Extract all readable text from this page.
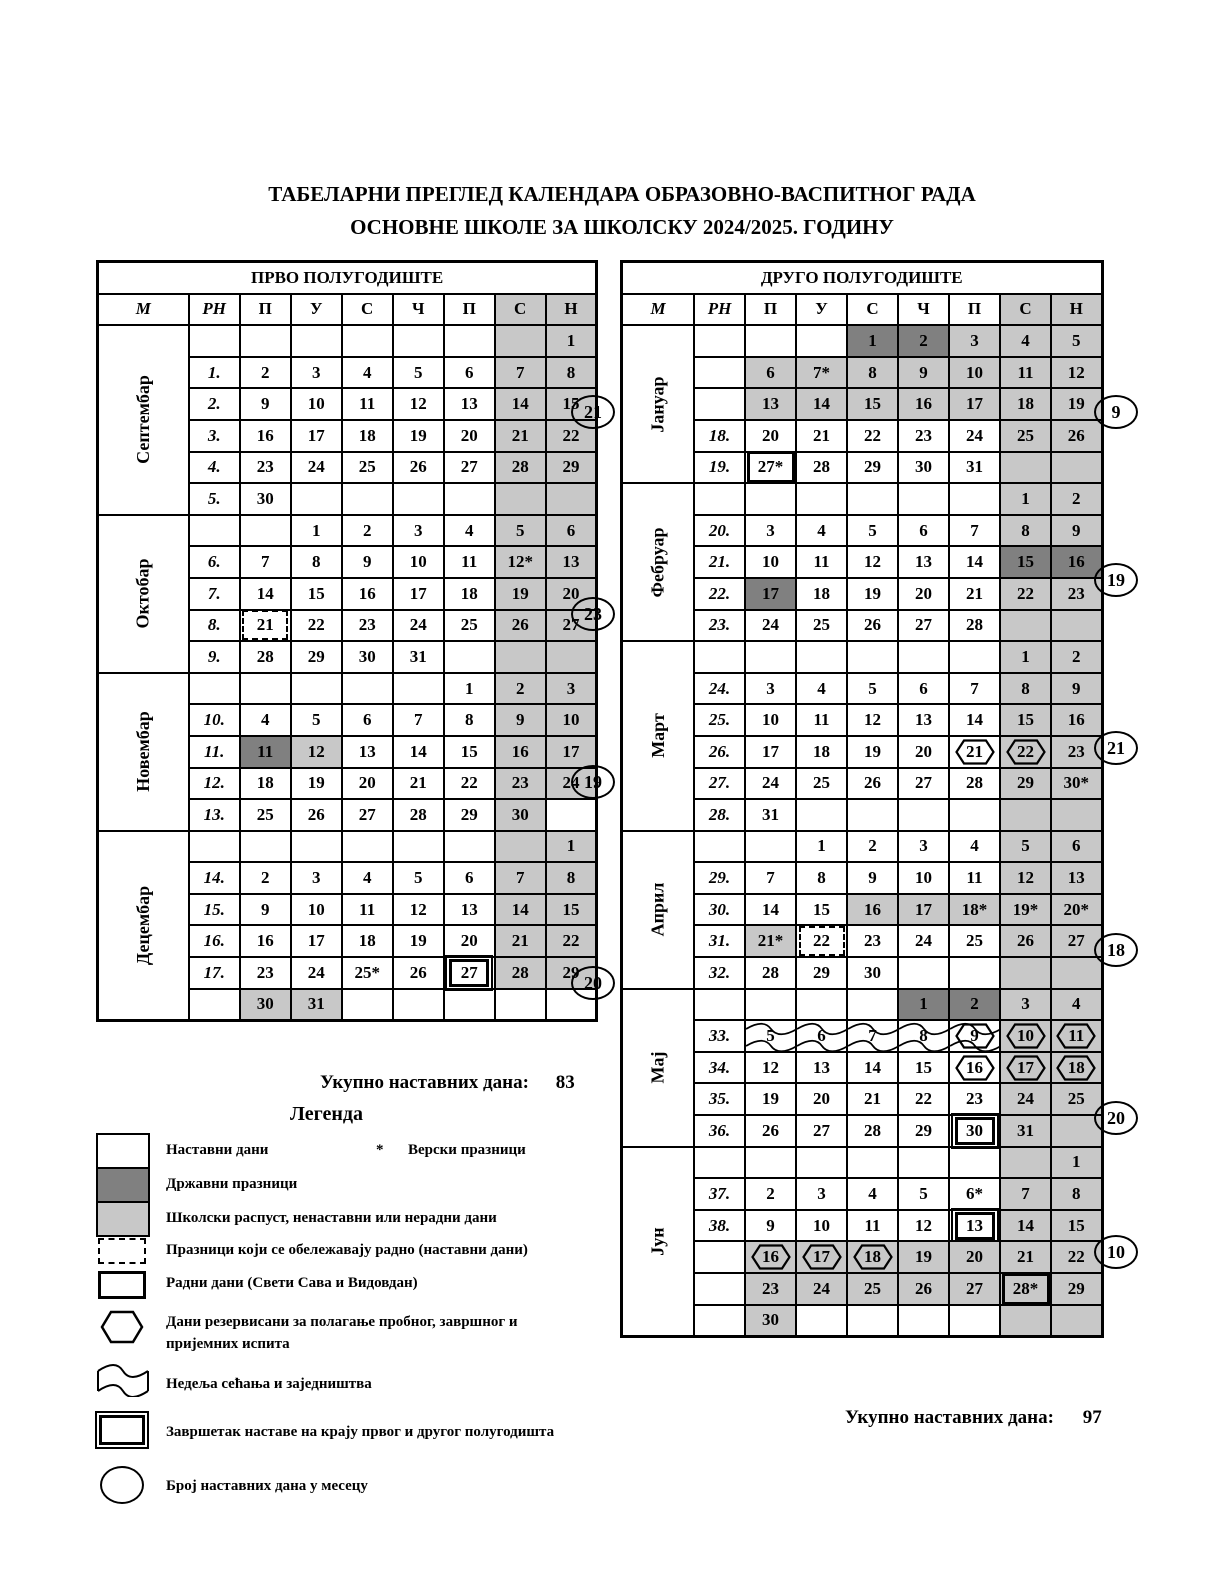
ТАБЕЛАРНИ ПРЕГЛЕД КАЛЕНДАРА ОБРАЗОВНО-ВАСПИТНОГ РАДА
ОСНОВНЕ ШКОЛЕ ЗА ШКОЛСКУ 2024/2025. ГОДИНУ
ПРВО ПОЛУГОДИШТЕ								
М	РН	П	У	С	Ч	П	С	Н
Септембар								1
	1.	2	3	4	5	6	7	8
	2.	9	10	11	12	13	14	15
	3.	16	17	18	19	20	21	22
	4.	23	24	25	26	27	28	29
	5.	30						
Октобар			1	2	3	4	5	6
	6.	7	8	9	10	11	12*	13
	7.	14	15	16	17	18	19	20
	8.	21	22	23	24	25	26	27
	9.	28	29	30	31			
Новембар						1	2	3
	10.	4	5	6	7	8	9	10
	11.	11	12	13	14	15	16	17
	12.	18	19	20	21	22	23	24
	13.	25	26	27	28	29	30	
Децембар								1
	14.	2	3	4	5	6	7	8
	15.	9	10	11	12	13	14	15
	16.	16	17	18	19	20	21	22
	17.	23	24	25*	26	27	28	29
		30	31					
ДРУГО ПОЛУГОДИШТЕ								
М	РН	П	У	С	Ч	П	С	Н
Јануар				1	2	3	4	5
		6	7*	8	9	10	11	12
		13	14	15	16	17	18	19
	18.	20	21	22	23	24	25	26
	19.	27*	28	29	30	31		
Фебруар							1	2
	20.	3	4	5	6	7	8	9
	21.	10	11	12	13	14	15	16
	22.	17	18	19	20	21	22	23
	23.	24	25	26	27	28		
Март							1	2
	24.	3	4	5	6	7	8	9
	25.	10	11	12	13	14	15	16
	26.	17	18	19	20	21	22	23
	27.	24	25	26	27	28	29	30*
	28.	31						
Април			1	2	3	4	5	6
	29.	7	8	9	10	11	12	13
	30.	14	15	16	17	18*	19*	20*
	31.	21*	22	23	24	25	26	27
	32.	28	29	30				
Мај					1	2	3	4
	33.	5	6	7	8	9	10	11

	34.	12	13	14	15	16	17	18

	35.	19	20	21	22	23	24	25
	36.	26	27	28	29	30	31	
Јун								1
	37.	2	3	4	5	6*	7	8
	38.	9	10	11	12	13	14	15

		16	17	18	19	20	21	22
		23	24	25	26	27	28*	29
		30						
21
23
19
20
9
19
21
18
20
10
Укупно наставних дана: 83
Укупно наставних дана: 97
Легенда
Наставни дани	* Верски празници
Државни празници
Школски распуст, ненаставни или нерадни дани
Празници који се обележавају радно (наставни дани)
Радни дани (Свети Сава и Видовдан)
Дани резервисани за полагање пробног, завршног и
пријемних испита
Недеља сећања и заједништва
Завршетак наставе на крају првог и другог полугодишта
Број наставних дана у месецу
